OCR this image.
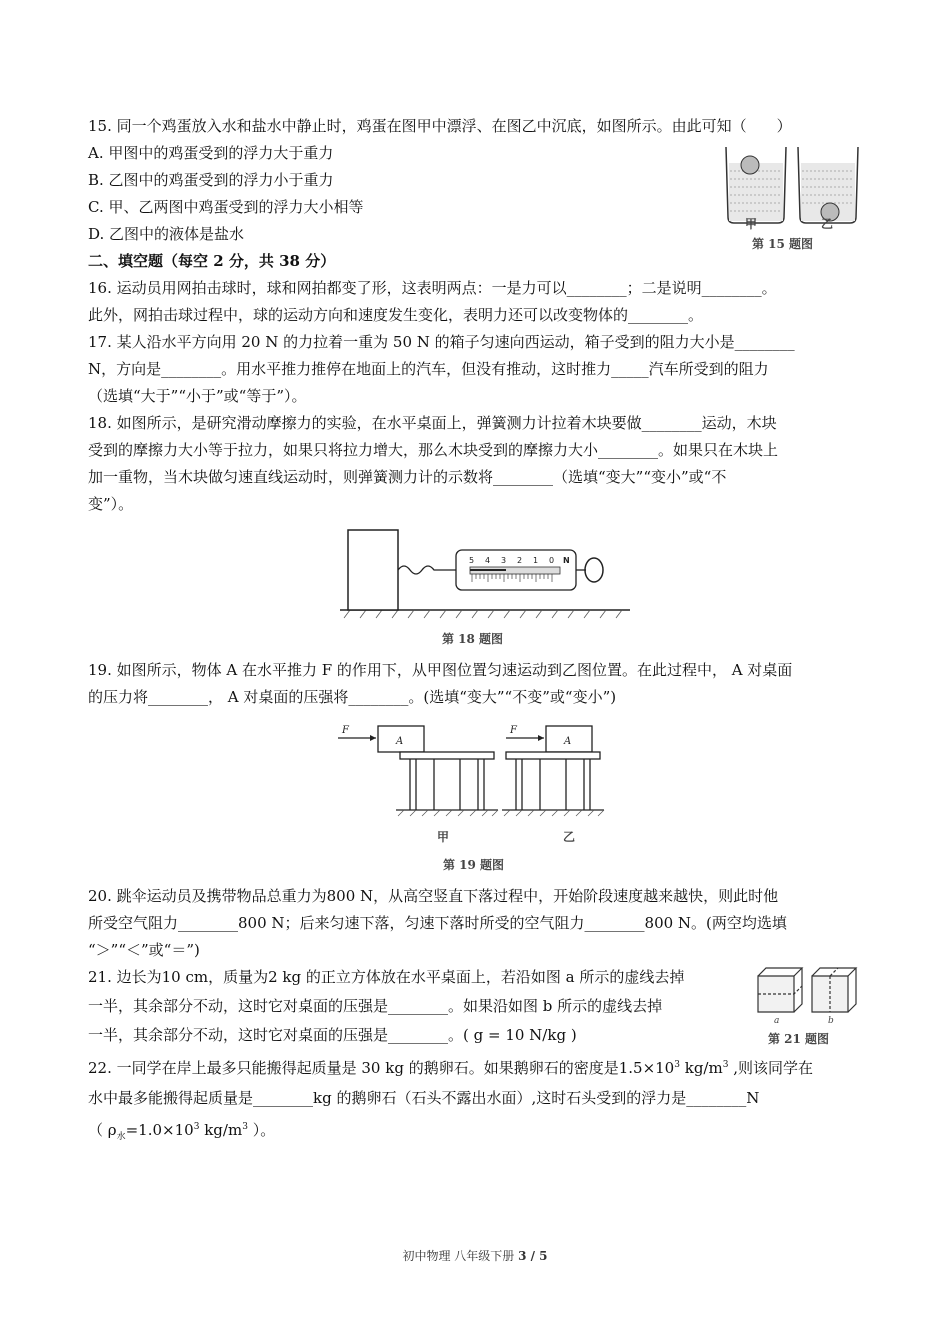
15. 同一个鸡蛋放入水和盐水中静止时，鸡蛋在图甲中漂浮、在图乙中沉底，如图所示。由此可知（　　）
A. 甲图中的鸡蛋受到的浮力大于重力
B. 乙图中的鸡蛋受到的浮力小于重力
C. 甲、乙两图中鸡蛋受到的浮力大小相等
D. 乙图中的液体是盐水
甲	乙
第 15 题图
二、填空题（每空 2 分，共 38 分）
16. 运动员用网拍击球时，球和网拍都变了形，这表明两点：一是力可以________；二是说明________。
此外，网拍击球过程中，球的运动方向和速度发生变化，表明力还可以改变物体的________。
17. 某人沿水平方向用 20 N 的力拉着一重为 50 N 的箱子匀速向西运动，箱子受到的阻力大小是________
N，方向是________。用水平推力推停在地面上的汽车，但没有推动，这时推力_____汽车所受到的阻力
（选填“大于”“小于”或“等于”）。
18. 如图所示，是研究滑动摩擦力的实验，在水平桌面上，弹簧测力计拉着木块要做________运动，木块
受到的摩擦力大小等于拉力，如果只将拉力增大，那么木块受到的摩擦力大小________。如果只在木块上
加一重物，当木块做匀速直线运动时，则弹簧测力计的示数将________（选填“变大”“变小”或“不
变”）。
5 4 3 2 1 0 N
第 18 题图
19. 如图所示，物体 A 在水平推力 F 的作用下，从甲图位置匀速运动到乙图位置。在此过程中， A 对桌面
的压力将________， A 对桌面的压强将________。(选填“变大”“不变”或“变小”)
F
A
F
A
甲	乙
第 19 题图
20. 跳伞运动员及携带物品总重力为800 N，从高空竖直下落过程中，开始阶段速度越来越快，则此时他
所受空气阻力________800 N；后来匀速下落，匀速下落时所受的空气阻力________800 N。(两空均选填
“＞”“＜”或“＝”)
21. 边长为10 cm，质量为2 kg 的正立方体放在水平桌面上，若沿如图 a 所示的虚线去掉
一半，其余部分不动，这时它对桌面的压强是________。如果沿如图 b 所示的虚线去掉
一半，其余部分不动，这时它对桌面的压强是________。( g = 10 N/kg )
a	b
第 21 题图
22. 一同学在岸上最多只能搬得起质量是 30 kg 的鹅卵石。如果鹅卵石的密度是$1.5\times 10^3$ $kg/m^3$ ,则该同学在
水中最多能搬得起质量是________kg 的鹅卵石（石头不露出水面）,这时石头受到的浮力是________N
（ $\rho_水=1.0\times 10^3$ $kg/m^3$ ）。
初中物理 八年级下册 3 / 5
